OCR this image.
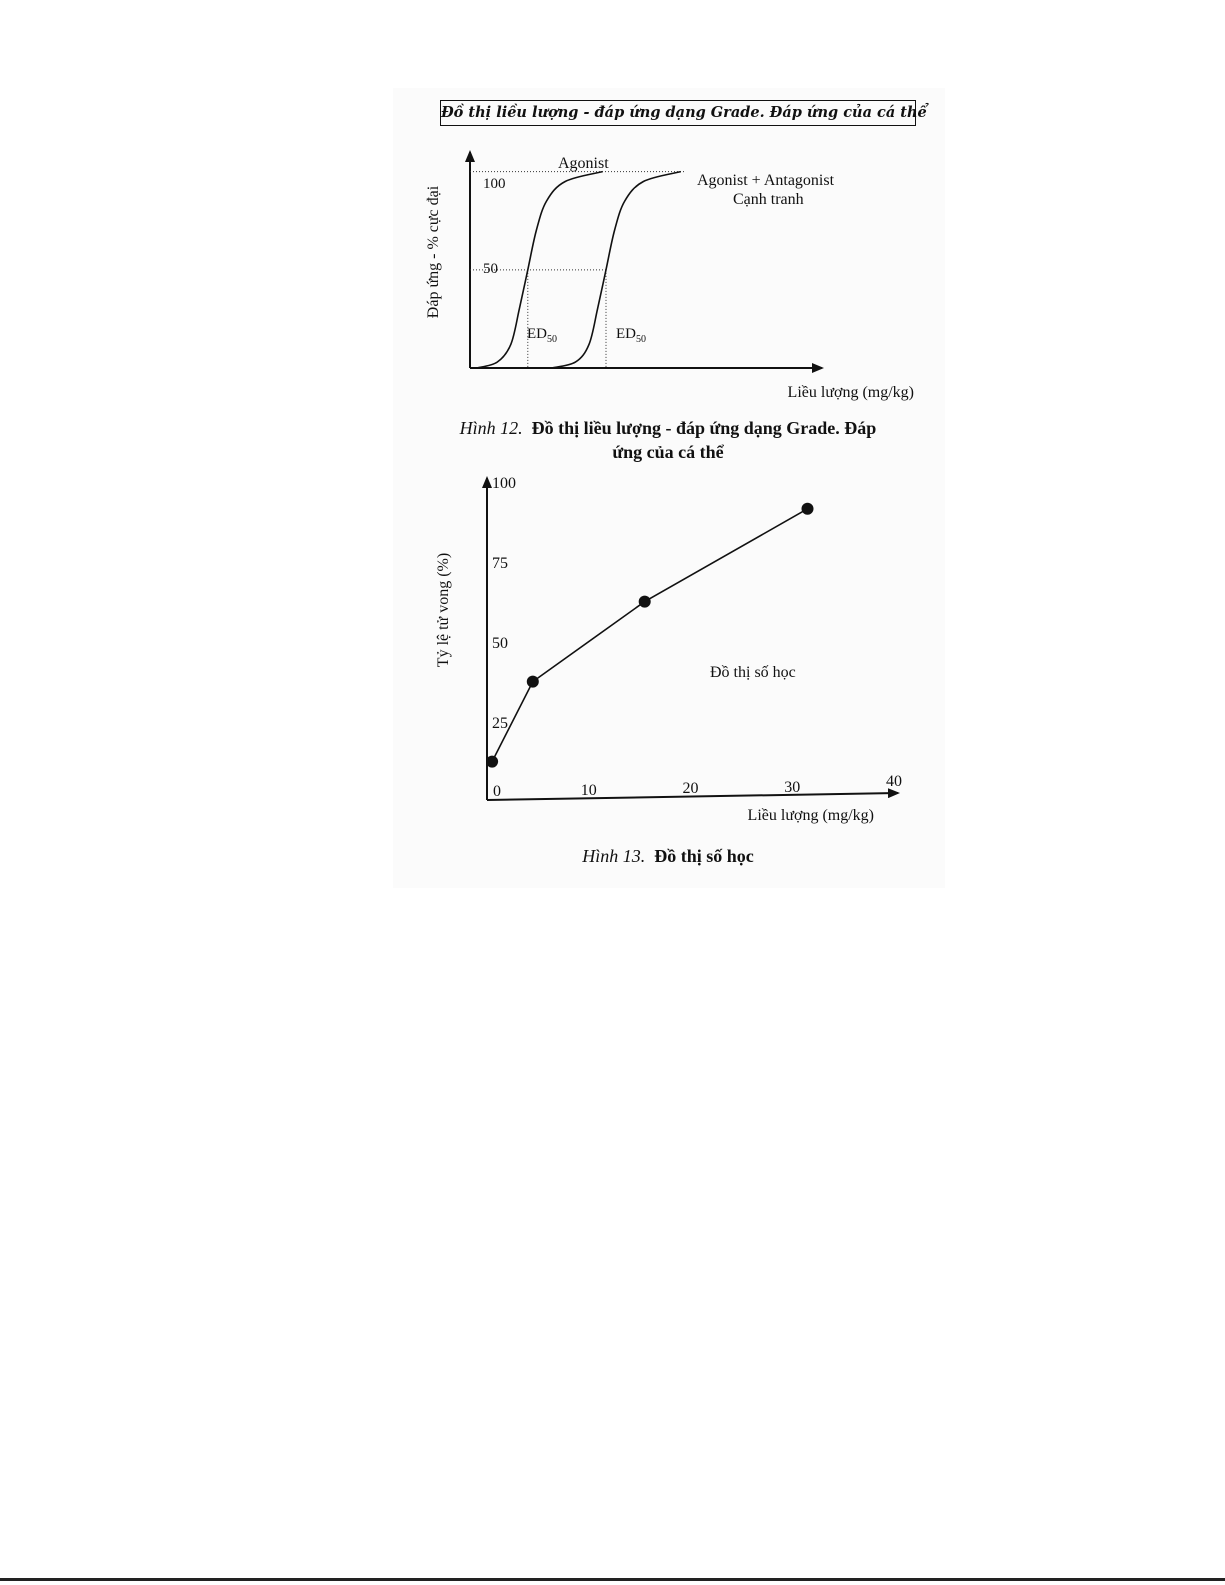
Đồ thị liều lượng - đáp ứng dạng Grade. Đáp ứng của cá thể
100
50
Agonist
Agonist + Antagonist
Cạnh tranh
$ED_{50}$	$ED_{50}$
Liều lượng (mg/kg)
Đáp ứng - % cực đại
Hình 12. Đồ thị liều lượng - đáp ứng dạng Grade. Đáp
ứng của cá thể
0	10	20	30	40
100
75
50
25
Đồ thị số học
Liều lượng (mg/kg)
Tỷ lệ tử vong (%)
Hình 13. Đồ thị số học
